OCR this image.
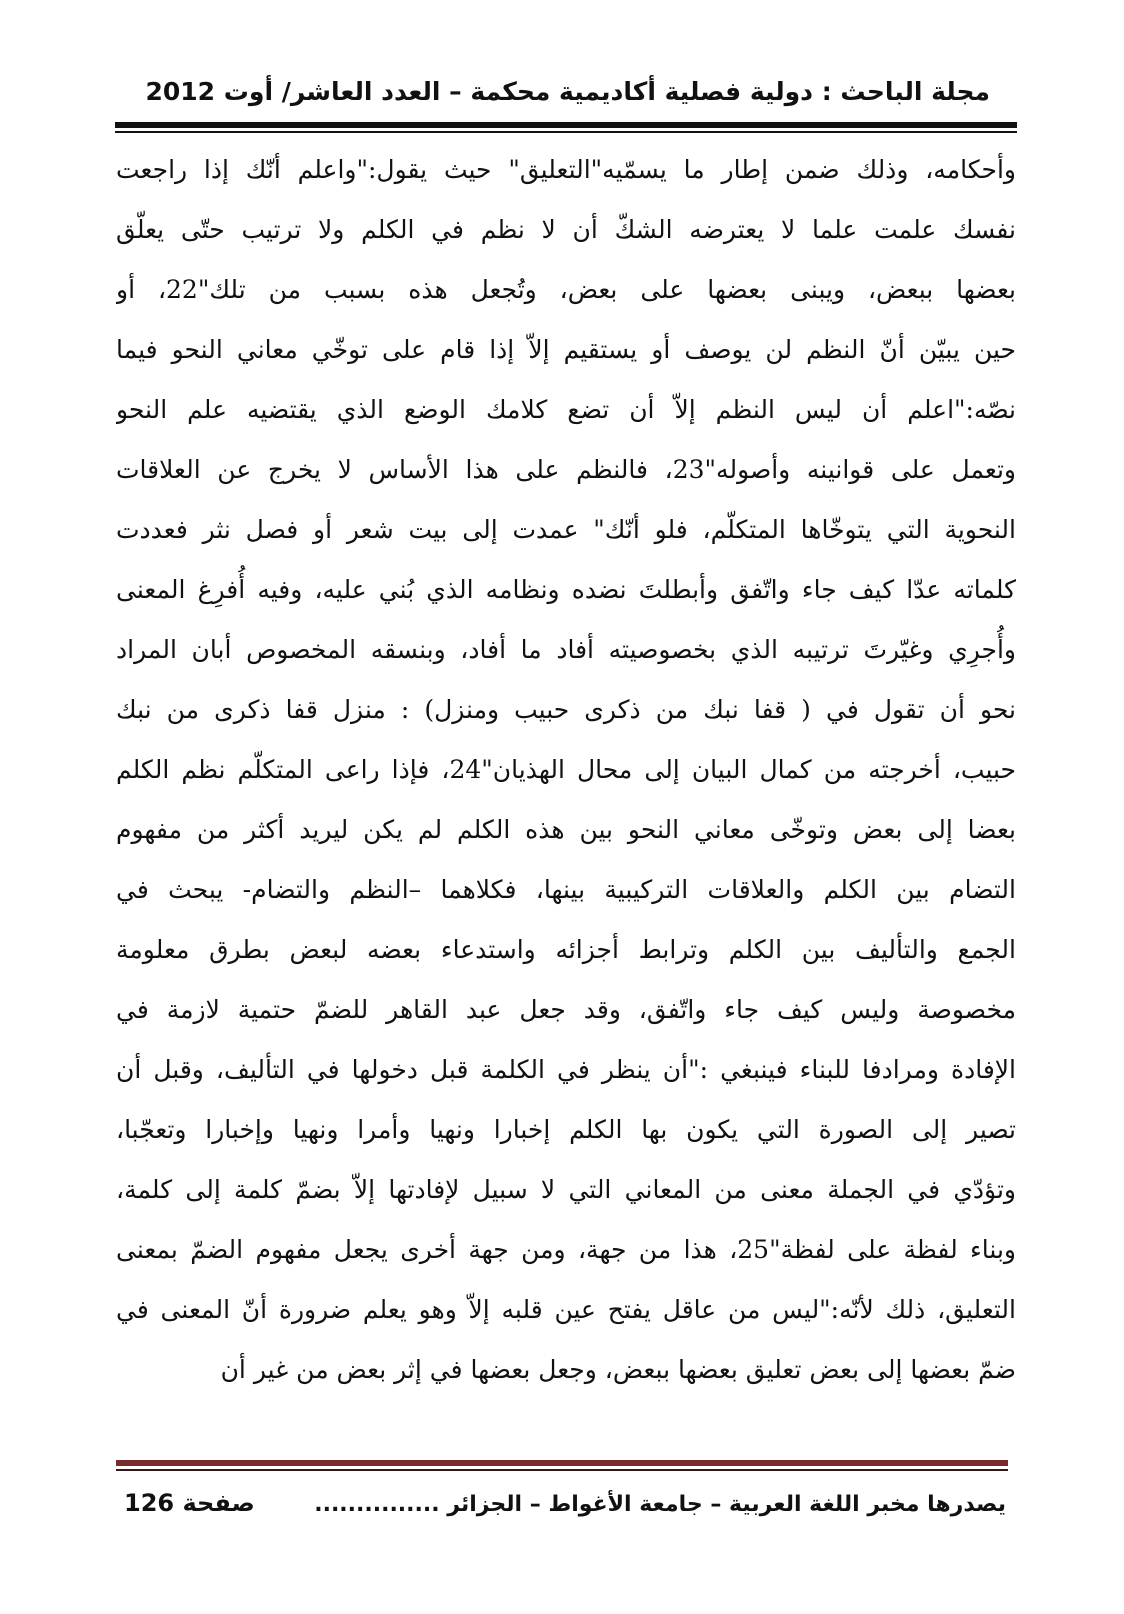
مجلة الباحث : دولية فصلية أكاديمية محكمة – العدد العاشر/ أوت 2012
وأحكامه، وذلك ضمن إطار ما يسمّيه"التعليق" حيث يقول:"واعلم أنّك إذا راجعت
نفسك علمت علما لا يعترضه الشكّ أن لا نظم في الكلم ولا ترتيب حتّى يعلّق
بعضها ببعض، ويبنى بعضها على بعض، وتُجعل هذه بسبب من تلك"22، أو
حين يبيّن أنّ النظم لن يوصف أو يستقيم إلاّ إذا قام على توخّي معاني النحو فيما
نصّه:"اعلم أن ليس النظم إلاّ أن تضع كلامك الوضع الذي يقتضيه علم النحو
وتعمل على قوانينه وأصوله"23، فالنظم على هذا الأساس لا يخرج عن العلاقات
النحوية التي يتوخّاها المتكلّم، فلو أنّك" عمدت إلى بيت شعر أو فصل نثر فعددت
كلماته عدّا كيف جاء واتّفق وأبطلتَ نضده ونظامه الذي بُني عليه، وفيه أُفرِغ المعنى
وأُجرِي وغيّرتَ ترتيبه الذي بخصوصيته أفاد ما أفاد، وبنسقه المخصوص أبان المراد
نحو أن تقول في ( قفا نبك من ذكرى حبيب ومنزل) : منزل قفا ذكرى من نبك
حبيب، أخرجته من كمال البيان إلى محال الهذيان"24، فإذا راعى المتكلّم نظم الكلم
بعضا إلى بعض وتوخّى معاني النحو بين هذه الكلم لم يكن ليريد أكثر من مفهوم
التضام بين الكلم والعلاقات التركيبية بينها، فكلاهما –النظم والتضام- يبحث في
الجمع والتأليف بين الكلم وترابط أجزائه واستدعاء بعضه لبعض بطرق معلومة
مخصوصة وليس كيف جاء واتّفق، وقد جعل عبد القاهر للضمّ حتمية لازمة في
الإفادة ومرادفا للبناء فينبغي :"أن ينظر في الكلمة قبل دخولها في التأليف، وقبل أن
تصير إلى الصورة التي يكون بها الكلم إخبارا ونهيا وأمرا ونهيا وإخبارا وتعجّبا،
وتؤدّي في الجملة معنى من المعاني التي لا سبيل لإفادتها إلاّ بضمّ كلمة إلى كلمة،
وبناء لفظة على لفظة"25، هذا من جهة، ومن جهة أخرى يجعل مفهوم الضمّ بمعنى
التعليق، ذلك لأنّه:"ليس من عاقل يفتح عين قلبه إلاّ وهو يعلم ضرورة أنّ المعنى في
ضمّ بعضها إلى بعض تعليق بعضها ببعض، وجعل بعضها في إثر بعض من غير أن
يصدرها مخبر اللغة العربية – جامعة الأغواط – الجزائر ...............
صفحة 126
